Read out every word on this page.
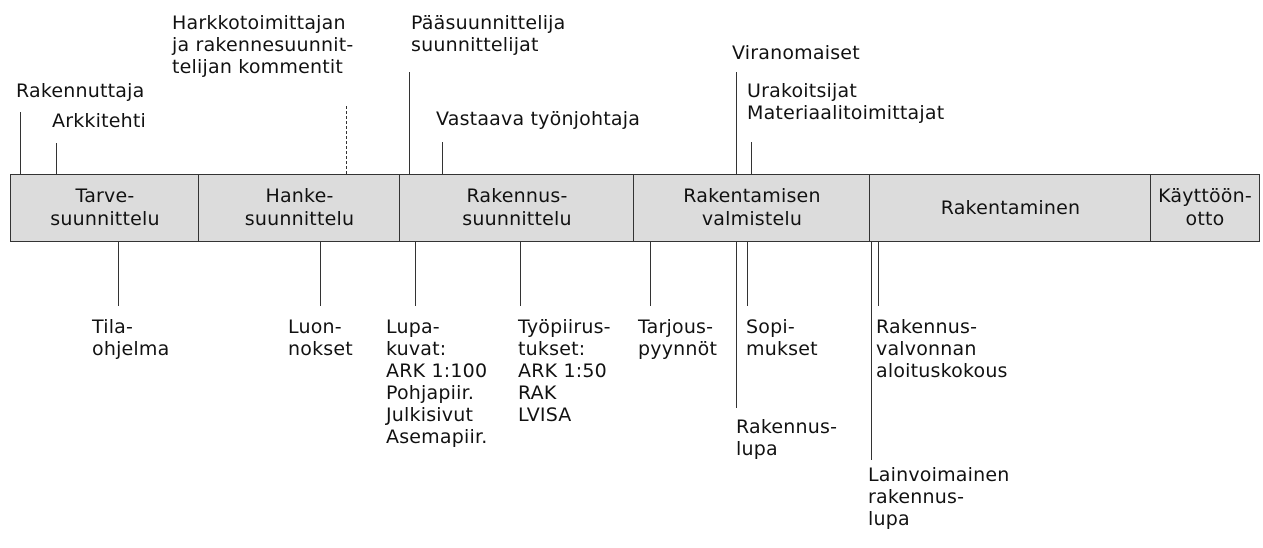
Tarve-
suunnittelu
Hanke-
suunnittelu
Rakennus-
suunnittelu
Rakentamisen
valmistelu
Rakentaminen
Käyttöön-
otto
Rakennuttaja
Arkkitehti
Harkkotoimittajan
ja rakennesuunnit-
telijan kommentit
Pääsuunnittelija
suunnittelijat
Vastaava työnjohtaja
Viranomaiset
Urakoitsijat
Materiaalitoimittajat
Tila-
ohjelma
Luon-
nokset
Lupa-
kuvat:
ARK 1:100
Pohjapiir.
Julkisivut
Asemapiir.
Työpiirus-
tukset:
ARK 1:50
RAK
LVISA
Tarjous-
pyynnöt
Sopi-
mukset
Rakennus-
lupa
Rakennus-
valvonnan
aloituskokous
Lainvoimainen
rakennus-
lupa
